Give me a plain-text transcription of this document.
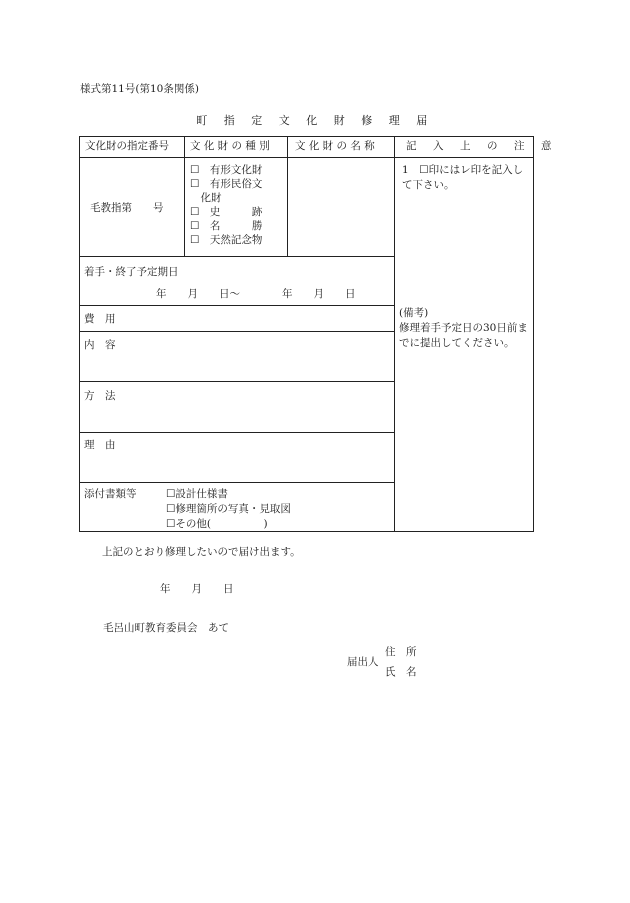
様式第11号(第10条関係)
町 指 定 文 化 財 修 理 届
文化財の指定番号 文 化 財 の 種 別 文 化 財 の 名 称	記　入　上　の　注　意
毛教指第　　号
☐　有形文化財
☐　有形民俗文
　化財
☐　史　　　跡
☐　名　　　勝
☐　天然記念物
着手・終了予定期日
年　　月　　日～　　　　年　　月　　日
費　用
内　容
方　法
理　由
添付書類等	☐設計仕様書
☐修理箇所の写真・見取図
☐その他(　　　　　)
1　☐印にはレ印を記入して下さい。
(備考)
修理着手予定日の30日前までに提出してください。
上記のとおり修理したいので届け出ます。
年　　月　　日
毛呂山町教育委員会　あて
住　所
届出人
氏　名
